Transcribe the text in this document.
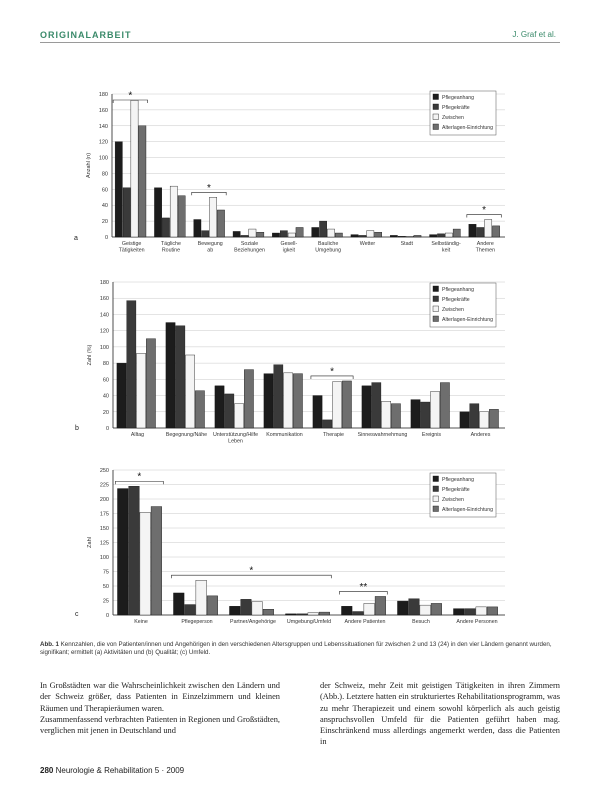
ORIGINALARBEIT	J. Graf et al.
0
20
40
60
80
100
120
140
160
180
Anzahl (n)
Geistige
Tätigkeiten
Tägliche
Routine
Bewegung
ab
Soziale
Beziehungen
Gesell-
igkeit
Bauliche
Umgebung
Wetter	Stadt	Selbständig-
keit
Andere
Themen
*
*
*
Pflegeanhang
Pflegekräfte
Zwischen
Alterlagen-Einrichtung
a
0
20
40
60
80
100
120
140
160
180
Zahl (%)
Alltag	Begegnung/Nähe Unterstützung/Hilfe
Leben
Kommunikation	Therapie	Sinneswahrnehmung	Ereignis	Anderes
*
Pflegeanhang
Pflegekräfte
Zwischen
Alterlagen-Einrichtung
b
0
25
50
75
100
125
150
175
200
225
250
Zahl
Keine	Pflegeperson	Partner/Angehörige Umgebung/Umfeld	Andere Patienten	Besuch	Andere Personen
*
*
**
Pflegeanhang
Pflegekräfte
Zwischen
Alterlagen-Einrichtung
c
Abb. 1 Kennzahlen, die von Patienten/innen und Angehörigen in den verschiedenen Altersgruppen und Lebenssituationen für zwischen 2 und 13 (24) in den vier Ländern genannt wurden, signifikant; ermittelt (a) Aktivitäten und (b) Qualität; (c) Umfeld.

In Großstädten war die Wahrscheinlichkeit zwischen den Ländern und der Schweiz größer, dass Patienten in Einzelzimmern und kleinen Räumen und Therapieräumen waren.

Zusammenfassend verbrachten Patienten in Regionen und Großstädten, verglichen mit jenen in Deutschland und

der Schweiz, mehr Zeit mit geistigen Tätigkeiten in ihren Zimmern (Abb.). Letztere hatten ein strukturiertes Rehabilitationsprogramm, was zu mehr Therapiezeit und einem sowohl körperlich als auch geistig anspruchsvollen Umfeld für die Patienten geführt haben mag. Einschränkend muss allerdings angemerkt werden, dass die Patienten in

280 Neurologie & Rehabilitation 5 · 2009
